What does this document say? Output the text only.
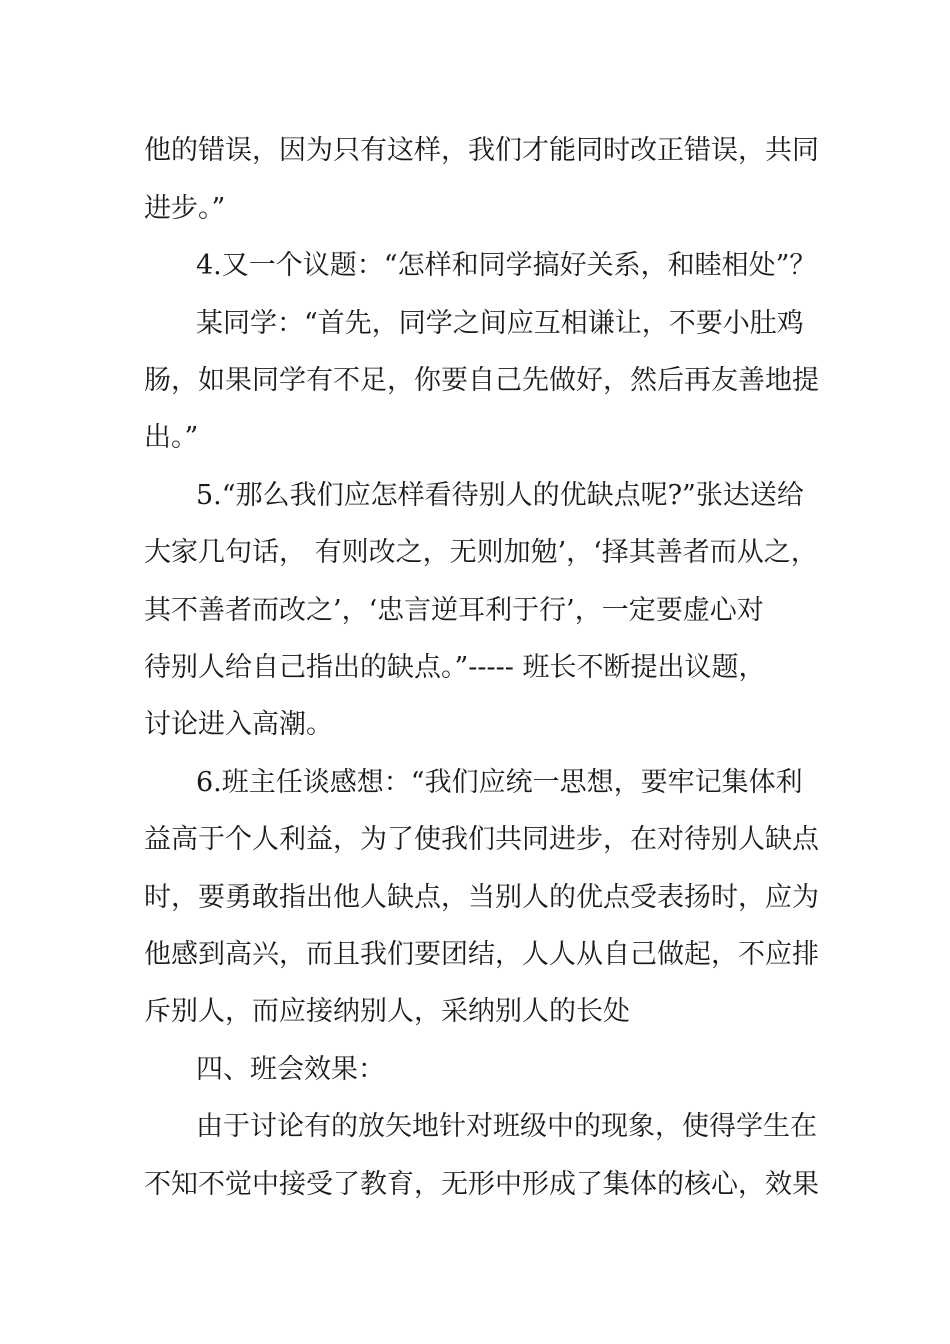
他的错误，因为只有这样，我们才能同时改正错误，共同
进步。”
4.又一个议题：“怎样和同学搞好关系，和睦相处”？
某同学：“首先，同学之间应互相谦让，不要小肚鸡
肠，如果同学有不足，你要自己先做好，然后再友善地提
出。”
5.“那么我们应怎样看待别人的优缺点呢?”张达送给
大家几句话， 有则改之，无则加勉’，‘择其善者而从之，
其不善者而改之’，‘忠言逆耳利于行’，一定要虚心对
待别人给自己指出的缺点。”----- 班长不断提出议题，
讨论进入高潮。
6.班主任谈感想：“我们应统一思想，要牢记集体利
益高于个人利益，为了使我们共同进步，在对待别人缺点
时，要勇敢指出他人缺点，当别人的优点受表扬时，应为
他感到高兴，而且我们要团结，人人从自己做起，不应排
斥别人，而应接纳别人，采纳别人的长处
四、班会效果：
由于讨论有的放矢地针对班级中的现象，使得学生在
不知不觉中接受了教育，无形中形成了集体的核心，效果
